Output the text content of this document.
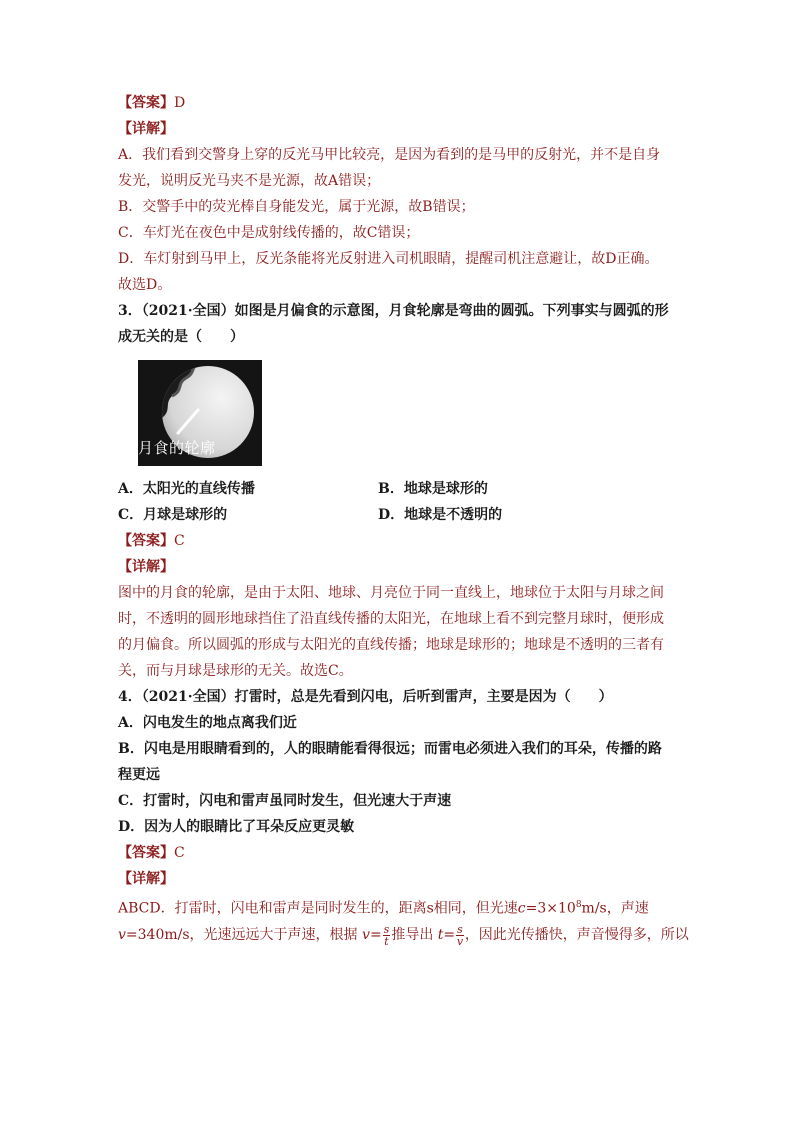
【答案】D
【详解】
A．我们看到交警身上穿的反光马甲比较亮，是因为看到的是马甲的反射光，并不是自身
发光，说明反光马夹不是光源，故A错误；
B．交警手中的荧光棒自身能发光，属于光源，故B错误；
C．车灯光在夜色中是成射线传播的，故C错误；
D．车灯射到马甲上，反光条能将光反射进入司机眼睛，提醒司机注意避让，故D正确。
故选D。
3．（2021·全国）如图是月偏食的示意图，月食轮廓是弯曲的圆弧。下列事实与圆弧的形
成无关的是（　　）
月食的轮廓
A．太阳光的直线传播	B．地球是球形的
C．月球是球形的	D．地球是不透明的
【答案】C
【详解】
图中的月食的轮廓，是由于太阳、地球、月亮位于同一直线上，地球位于太阳与月球之间
时，不透明的圆形地球挡住了沿直线传播的太阳光，在地球上看不到完整月球时，便形成
的月偏食。所以圆弧的形成与太阳光的直线传播；地球是球形的；地球是不透明的三者有
关，而与月球是球形的无关。故选C。
4．（2021·全国）打雷时，总是先看到闪电，后听到雷声，主要是因为（　　）
A．闪电发生的地点离我们近
B．闪电是用眼睛看到的，人的眼睛能看得很远；而雷电必须进入我们的耳朵，传播的路
程更远
C．打雷时，闪电和雷声虽同时发生，但光速大于声速
D．因为人的眼睛比了耳朵反应更灵敏
【答案】C
【详解】
ABCD．打雷时，闪电和雷声是同时发生的，距离s相同，但光速$c=3\times 10^8m/s$，声速
v=340m/s，光速远远大于声速，根据 $v= \frac{s}{t}$ 推导出 $t= \frac{s}{v}$ ，因此光传播快，声音慢得多，所以
